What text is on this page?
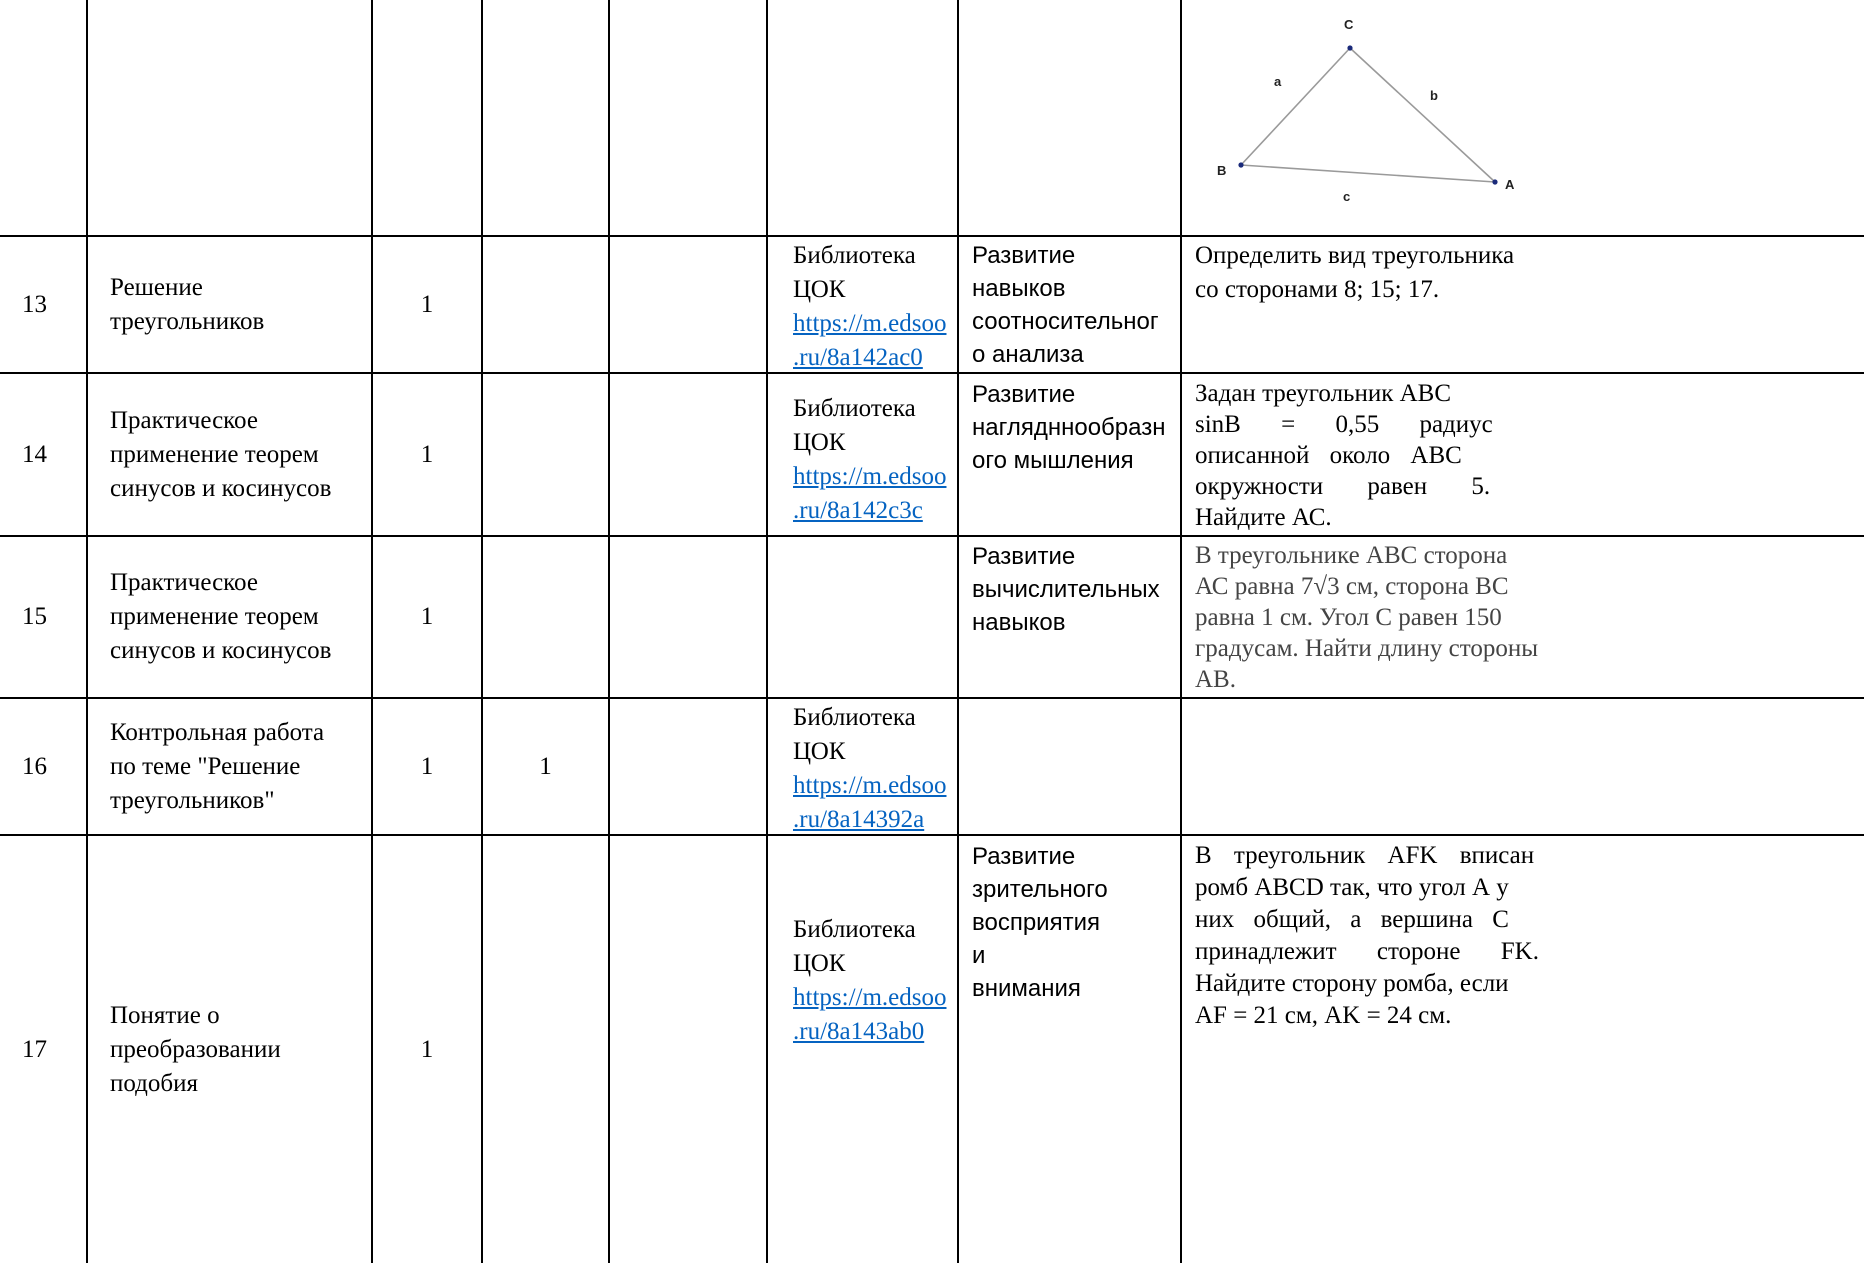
C
B
A
a
b
c
13
Решение
треугольников
1
Библиотека
ЦОК
https://m.edsoo
.ru/8a142ac0
Развитие
навыков
соотносительног
о анализа
Определить вид треугольника
со сторонами 8; 15; 17.
14
Практическое
применение теорем
синусов и косинусов
1
Библиотека
ЦОК
https://m.edsoo
.ru/8a142c3c
Развитие
наглядннообразн
ого мышления
Задан треугольник АВС
sinB = 0,55 радиус
описанной около АВС
окружности равен 5.
Найдите АС.
15
Практическое
применение теорем
синусов и косинусов
1
Развитие
вычислительных
навыков
В треугольнике АВС сторона
АС равна 7√3 см, сторона ВС
равна 1 см. Угол С равен 150
градусам. Найти длину стороны
АВ.
16
Контрольная работа
по теме "Решение
треугольников"
1	1
Библиотека
ЦОК
https://m.edsoo
.ru/8a14392a
17
Понятие о
преобразовании
подобия
1
Библиотека
ЦОК
https://m.edsoo
.ru/8a143ab0
Развитие
зрительного
восприятия и
внимания
В треугольник AFK вписан
ромб ABCD так, что угол А у
них общий, а вершина С
принадлежит стороне FK.
Найдите сторону ромба, если
AF = 21 см, AK = 24 см.
